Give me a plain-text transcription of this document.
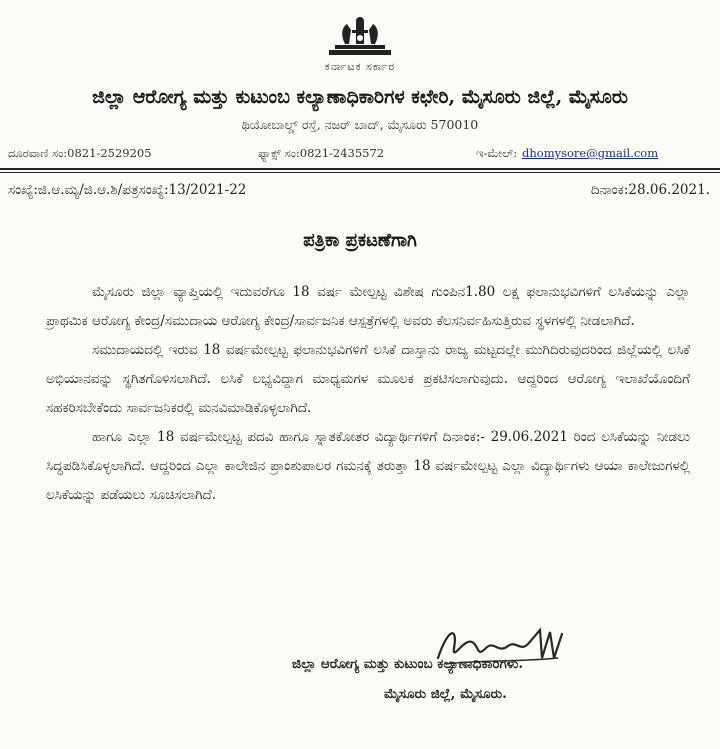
ಕರ್ನಾಟಕ ಸರ್ಕಾರ
ಜಿಲ್ಲಾ ಆರೋಗ್ಯ ಮತ್ತು ಕುಟುಂಬ ಕಲ್ಯಾಣಾಧಿಕಾರಿಗಳ ಕಛೇರಿ, ಮೈಸೂರು ಜಿಲ್ಲೆ, ಮೈಸೂರು
ಥಿಯೋಬಾಲ್ಡ್ ರಸ್ತೆ, ನಜರ್ ಬಾದ್, ಮೈಸೂರು 570010
ದೂರವಾಣಿ ಸಂ:0821-2529205	ಫ್ಯಾಕ್ಸ್ ಸಂ:0821-2435572	ಇ-ಮೇಲ್: dhomysore@gmail.com
ಸಂಖ್ಯೆ:ಜಿ.ಆ.ಮ್ಯ/ಜಿ.ಆ.ಶಿ/ಪತ್ರಸಂಖ್ಯೆ:13/2021-22	ದಿನಾಂಕ:28.06.2021.
ಪತ್ರಿಕಾ ಪ್ರಕಟಣೆಗಾಗಿ

ಮೈಸೂರು ಜಿಲ್ಲಾ ವ್ಯಾಪ್ತಿಯಲ್ಲಿ ಇದುವರೆಗೂ 18 ವರ್ಷ ಮೇಲ್ಪಟ್ಟ ವಿಶೇಷ ಗುಂಪಿನ1.80 ಲಕ್ಷ ಫಲಾನುಭವಿಗಳಿಗೆ ಲಸಿಕೆಯನ್ನು ಎಲ್ಲಾ ಪ್ರಾಥಮಿಕ ಆರೋಗ್ಯ ಕೇಂದ್ರ/ಸಮುದಾಯ ಆರೋಗ್ಯ ಕೇಂದ್ರ/ಸಾರ್ವಜನಿಕ ಆಸ್ಪತ್ರೆಗಳಲ್ಲಿ ಅವರು ಕೆಲಸನಿರ್ವಹಿಸುತ್ತಿರುವ ಸ್ಥಳಗಳಲ್ಲಿ ನೀಡಲಾಗಿದೆ.

ಸಮುದಾಯದಲ್ಲಿ ಇರುವ 18 ವರ್ಷಮೇಲ್ಪಟ್ಟ ಫಲಾನುಭವಿಗಳಿಗೆ ಲಸಿಕೆ ದಾಸ್ತಾನು ರಾಜ್ಯ ಮಟ್ಟದಲ್ಲೇ ಮುಗಿದಿರುವುದರಿಂದ ಜಿಲ್ಲೆಯಲ್ಲಿ ಲಸಿಕೆ ಅಭಿಯಾನವನ್ನು ಸ್ಥಗಿತಗೊಳಿಸಲಾಗಿದೆ. ಲಸಿಕೆ ಲಭ್ಯವಿದ್ದಾಗ ಮಾಧ್ಯಮಗಳ ಮೂಲಕ ಪ್ರಕಟಿಸಲಾಗುವುದು. ಆದ್ದರಿಂದ ಆರೋಗ್ಯ ಇಲಾಖೆಯೊಂದಿಗೆ ಸಹಕರಿಸಬೇಕೆಂದು ಸಾರ್ವಜನಿಕರಲ್ಲಿ ಮನವಿಮಾಡಿಕೊಳ್ಳಲಾಗಿದೆ.

ಹಾಗೂ ಎಲ್ಲಾ 18 ವರ್ಷಮೇಲ್ಪಟ್ಟ ಪದವಿ ಹಾಗೂ ಸ್ನಾತಕೋತರ ವಿದ್ಯಾರ್ಥಿಗಳಿಗೆ ದಿನಾಂಕ:- 29.06.2021 ರಿಂದ ಲಸಿಕೆಯನ್ನು ನೀಡಲು ಸಿದ್ಧಪಡಿಸಿಕೊಳ್ಳಲಾಗಿದೆ. ಆದ್ದರಿಂದ ಎಲ್ಲಾ ಕಾಲೇಜಿನ ಪ್ರಾಂಶುಪಾಲರ ಗಮನಕ್ಕೆ ತರುತ್ತಾ 18 ವರ್ಷಮೇಲ್ಪಟ್ಟ ಎಲ್ಲಾ ವಿದ್ಯಾರ್ಥಿಗಳು ಆಯಾ ಕಾಲೇಜುಗಳಲ್ಲಿ ಲಸಿಕೆಯನ್ನು ಪಡೆಯಲು ಸೂಚಿಸಲಾಗಿದೆ.

ಜಿಲ್ಲಾ ಆರೋಗ್ಯ ಮತ್ತು ಕುಟುಂಬ ಕಲ್ಯಾಣಾಧಿಕಾರಿಗಳು.
ಮೈಸೂರು ಜಿಲ್ಲೆ, ಮೈಸೂರು.
